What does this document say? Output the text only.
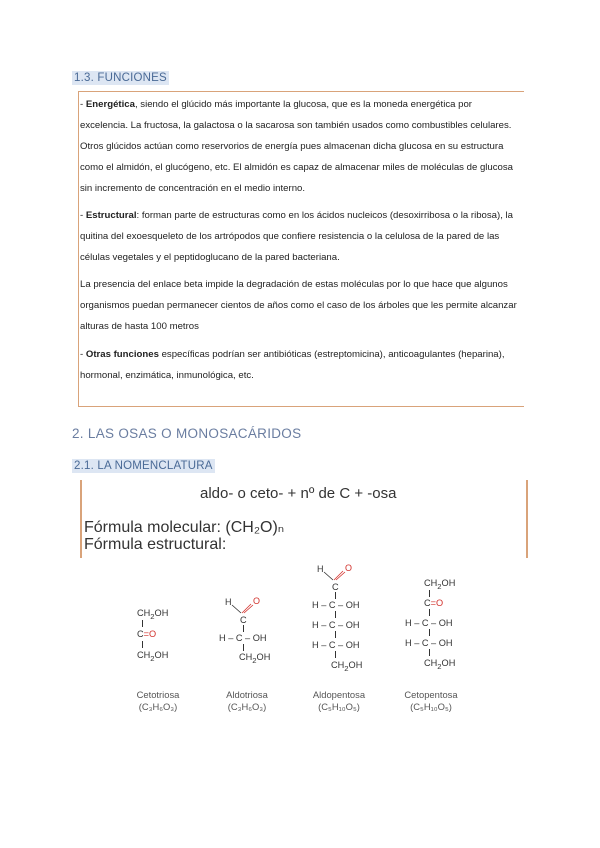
1.3. FUNCIONES
- Energética, siendo el glúcido más importante la glucosa, que es la moneda energética por excelencia. La fructosa, la galactosa o la sacarosa son también usados como combustibles celulares. Otros glúcidos actúan como reservorios de energía pues almacenan dicha glucosa en su estructura como el almidón, el glucógeno, etc. El almidón es capaz de almacenar miles de moléculas de glucosa sin incremento de concentración en el medio interno.
- Estructural: forman parte de estructuras como en los ácidos nucleicos (desoxirribosa o la ribosa), la quitina del exoesqueleto de los artrópodos que confiere resistencia o la celulosa de la pared de las células vegetales y el peptidoglucano de la pared bacteriana.
La presencia del enlace beta impide la degradación de estas moléculas por lo que hace que algunos organismos puedan permanecer cientos de años como el caso de los árboles que les permite alcanzar alturas de hasta 100 metros
- Otras funciones específicas podrían ser antibióticas (estreptomicina), anticoagulantes (heparina), hormonal, enzimática, inmunológica, etc.
2. LAS OSAS O MONOSACÁRIDOS
2.1. LA NOMENCLATURA
aldo- o ceto- + nº de C + -osa
Fórmula molecular: (CH₂O)ₙ
Fórmula estructural:
$CH_2OH$
C=O
$CH_2OH$
H O
C
H – C – OH
$CH_2OH$
H O
C
H – C – OH
H – C – OH
H – C – OH
$CH_2OH$
$CH_2OH$
C=O
H – C – OH
H – C – OH
$CH_2OH$
Cetotriosa
(C₃H₆O₃)
Aldotriosa
(C₃H₆O₃)
Aldopentosa
(C₅H₁₀O₅)
Cetopentosa
(C₅H₁₀O₅)
